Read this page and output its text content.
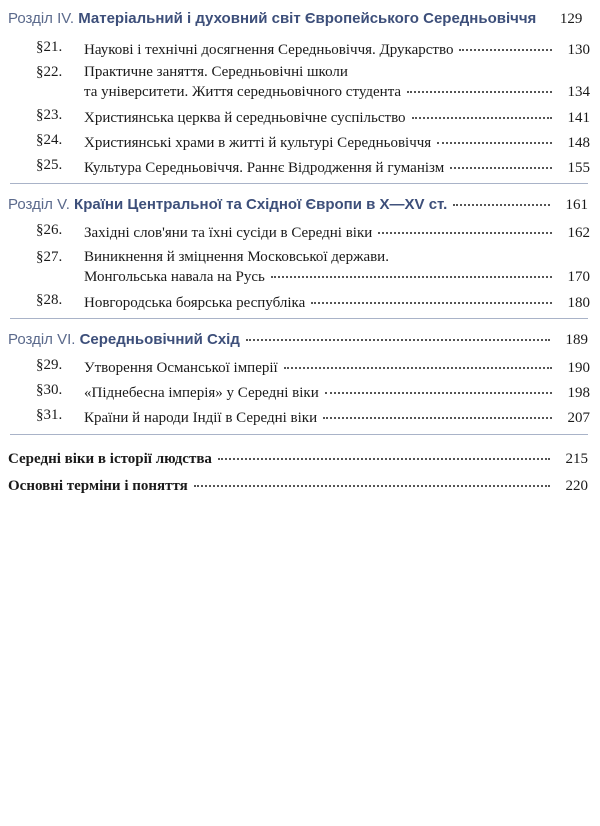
Розділ IV. Матеріальний і духовний світ Європейського Середньовіччя	129
§21.	Наукові і технічні досягнення Середньовіччя. Друкарство	130
§22.	Практичне заняття. Середньовічні школи
та університети. Життя середньовічного студента	134
§23.	Християнська церква й середньовічне суспільство	141
§24.	Християнські храми в житті й культурі Середньовіччя	148
§25.	Культура Середньовіччя. Раннє Відродження й гуманізм	155
Розділ V. Країни Центральної та Східної Європи в X—XV ст.	161
§26.	Західні слов'яни та їхні сусіди в Середні віки	162
§27.	Виникнення й зміцнення Московської держави.
Монгольська навала на Русь	170
§28.	Новгородська боярська республіка	180
Розділ VI. Середньовічний Схід	189
§29.	Утворення Османської імперії	190
§30.	«Піднебесна імперія» у Середні віки	198
§31.	Країни й народи Індії в Середні віки	207
Середні віки в історії людства	215
Основні терміни і поняття	220
